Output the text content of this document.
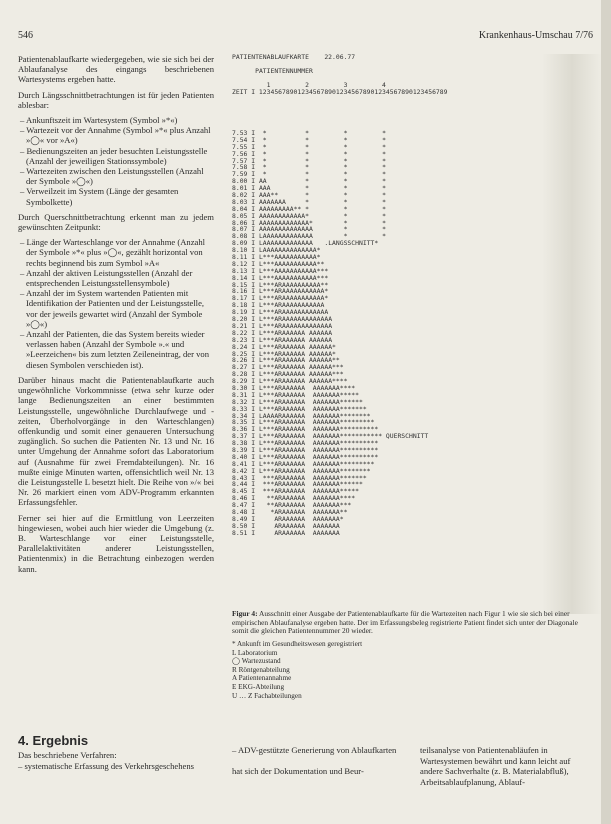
546	Krankenhaus-Umschau 7/76

Patientenablaufkarte wiedergegeben, wie sie sich bei der Ablaufanalyse des eingangs beschriebenen Wartesystems ergeben hatte.

Durch Längsschnittbetrachtungen ist für jeden Patienten ablesbar:

– Ankunftszeit im Wartesystem (Symbol »*«)
– Wartezeit vor der Annahme (Symbol »*« plus Anzahl »◯« vor »A«)
– Bedienungszeiten an jeder besuchten Leistungsstelle (Anzahl der jeweiligen Stationssymbole)
– Wartezeiten zwischen den Leistungsstellen (Anzahl der Symbole »◯«)
– Verweilzeit im System (Länge der gesamten Symbolkette)

Durch Querschnittbetrachtung erkennt man zu jedem gewünschten Zeitpunkt:

– Länge der Warteschlange vor der Annahme (Anzahl der Symbole »*« plus »◯«, gezählt horizontal von rechts beginnend bis zum Symbol »A«
– Anzahl der aktiven Leistungsstellen (Anzahl der entsprechenden Leistungsstellensymbole)
– Anzahl der im System wartenden Patienten mit Identifikation der Patienten und der Leistungsstelle, vor der jeweils gewartet wird (Anzahl der Symbole »◯«)
– Anzahl der Patienten, die das System bereits wieder verlassen haben (Anzahl der Symbole ».« und »Leerzeichen« bis zum letzten Zeileneintrag, der von diesen Symbolen verschieden ist).

Darüber hinaus macht die Patientenablaufkarte auch ungewöhnliche Vorkommnisse (etwa sehr kurze oder lange Bedienungszeiten an einer bestimmten Leistungsstelle, ungewöhnliche Durchlaufwege und -zeiten, Überholvorgänge in den Warteschlangen) offenkundig und somit einer genaueren Untersuchung zugänglich. So suchen die Patienten Nr. 13 und Nr. 16 unter Umgehung der Annahme sofort das Laboratorium auf (Ausnahme für zwei Fremdabteilungen). Nr. 16 mußte einige Minuten warten, offensichtlich weil Nr. 13 die Leistungsstelle L besetzt hielt. Die Reihe von »/« bei Nr. 26 markiert einen vom ADV-Programm erkannten Erfassungsfehler.

Ferner sei hier auf die Ermittlung von Leerzeiten hingewiesen, wobei auch hier wieder die Umgebung (z. B. Warteschlange vor einer Leistungsstelle, Parallelaktivitäten anderer Leistungsstellen, Patientenmix) in die Betrachtung einbezogen werden kann.

4. Ergebnis
Das beschriebene Verfahren:
– systematische Erfassung des Verkehrsgeschehens
PATIENTENABLAUFKARTE    22.06.77

PATIENTENNUMMER

1         2         3         4
ZEIT I 1234567890123456789012345678901234567890123456789
7.53 I  *          *         *         *
7.54 I  *          *         *         *
7.55 I  *          *         *         *
7.56 I  *          *         *         *
7.57 I  *          *         *         *
7.58 I  *          *         *         *
7.59 I  *          *         *         *
8.00 I AA          *         *         *
8.01 I AAA         *         *         *
8.02 I AAA**       *         *         *
8.03 I AAAAAAA     *         *         *
8.04 I AAAAAAAAA** *         *         *
8.05 I AAAAAAAAAAAA*         *         *
8.06 I AAAAAAAAAAAAA*        *         *
8.07 I AAAAAAAAAAAAAA        *         *
8.08 I LAAAAAAAAAAAAA        *         *
8.09 I LAAAAAAAAAAAAA   .LANGSSCHNITT*
8.10 I LAAAAAAAAAAAAAA*
8.11 I L***AAAAAAAAAAA*
8.12 I L***AAAAAAAAAAA**
8.13 I L***AAAAAAAAAAA***
8.14 I L***AAAAAAAAAAA***
8.15 I L***ARAAAAAAAAAA**
8.16 I L***ARAAAAAAAAAAA*
8.17 I L***ARAAAAAAAAAAA*
8.18 I L***ARAAAAAAAAAAA
8.19 I L***ARAAAAAAAAAAAA
8.20 I L***ARAAAAAAAAAAAAA
8.21 I L***ARAAAAAAAAAAAAA
8.22 I L***ARAAAAAA AAAAAA
8.23 I L***ARAAAAAA AAAAAA
8.24 I L***ARAAAAAA AAAAAA*
8.25 I L***ARAAAAAA AAAAAA*
8.26 I L***ARAAAAAA AAAAAA**
8.27 I L***ARAAAAAA AAAAAA***
8.28 I L***ARAAAAAA AAAAAA***
8.29 I L***ARAAAAAA AAAAAA****
8.30 I L***ARAAAAAA  AAAAAAA****
8.31 I L***ARAAAAAA  AAAAAAA*****
8.32 I L***ARAAAAAA  AAAAAAA******
8.33 I L***ARAAAAAA  AAAAAAA*******
8.34 I LAAAARAAAAAA  AAAAAAA********
8.35 I L***ARAAAAAA  AAAAAAA*********
8.36 I L***ARAAAAAA  AAAAAAA**********
8.37 I L***ARAAAAAA  AAAAAAA*********** QUERSCHNITT
8.38 I L***ARAAAAAA  AAAAAAA**********
8.39 I L***ARAAAAAA  AAAAAAA**********
8.40 I L***ARAAAAAA  AAAAAAA**********
8.41 I L***ARAAAAAA  AAAAAAA*********
8.42 I L***ARAAAAAA  AAAAAAA********
8.43 I  ***ARAAAAAA  AAAAAAA*******
8.44 I  ***ARAAAAAA  AAAAAAA******
8.45 I  ***ARAAAAAA  AAAAAAA*****
8.46 I   **ARAAAAAA  AAAAAAA****
8.47 I   **ARAAAAAA  AAAAAAA***
8.48 I    *ARAAAAAA  AAAAAAA**
8.49 I     ARAAAAAA  AAAAAAA*
8.50 I     ARAAAAAA  AAAAAAA
8.51 I     ARAAAAAA  AAAAAAA
Figur 4: Ausschnitt einer Ausgabe der Patientenablaufkarte für die Wartezeiten nach Figur 1 wie sie sich bei einer empirischen Ablaufanalyse ergeben hatte. Der im Erfassungsbeleg registrierte Patient findet sich unter der Diagonale somit die gleichen Patientennummer 20 wieder.
* Ankunft im Gesundheitswesen geregistriert
L Laboratorium
◯ Wartezustand
R Röntgenabteilung
A Patientenannahme
E EKG-Abteilung
U … Z Fachabteilungen
– ADV-gestützte Generierung von Ablaufkarten

hat sich der Dokumentation und Beur-
teilsanalyse von Patientenabläufen in Wartesystemen bewährt und kann leicht auf andere Sachverhalte (z. B. Materialabfluß), Arbeitsablaufplanung, Ablauf-
